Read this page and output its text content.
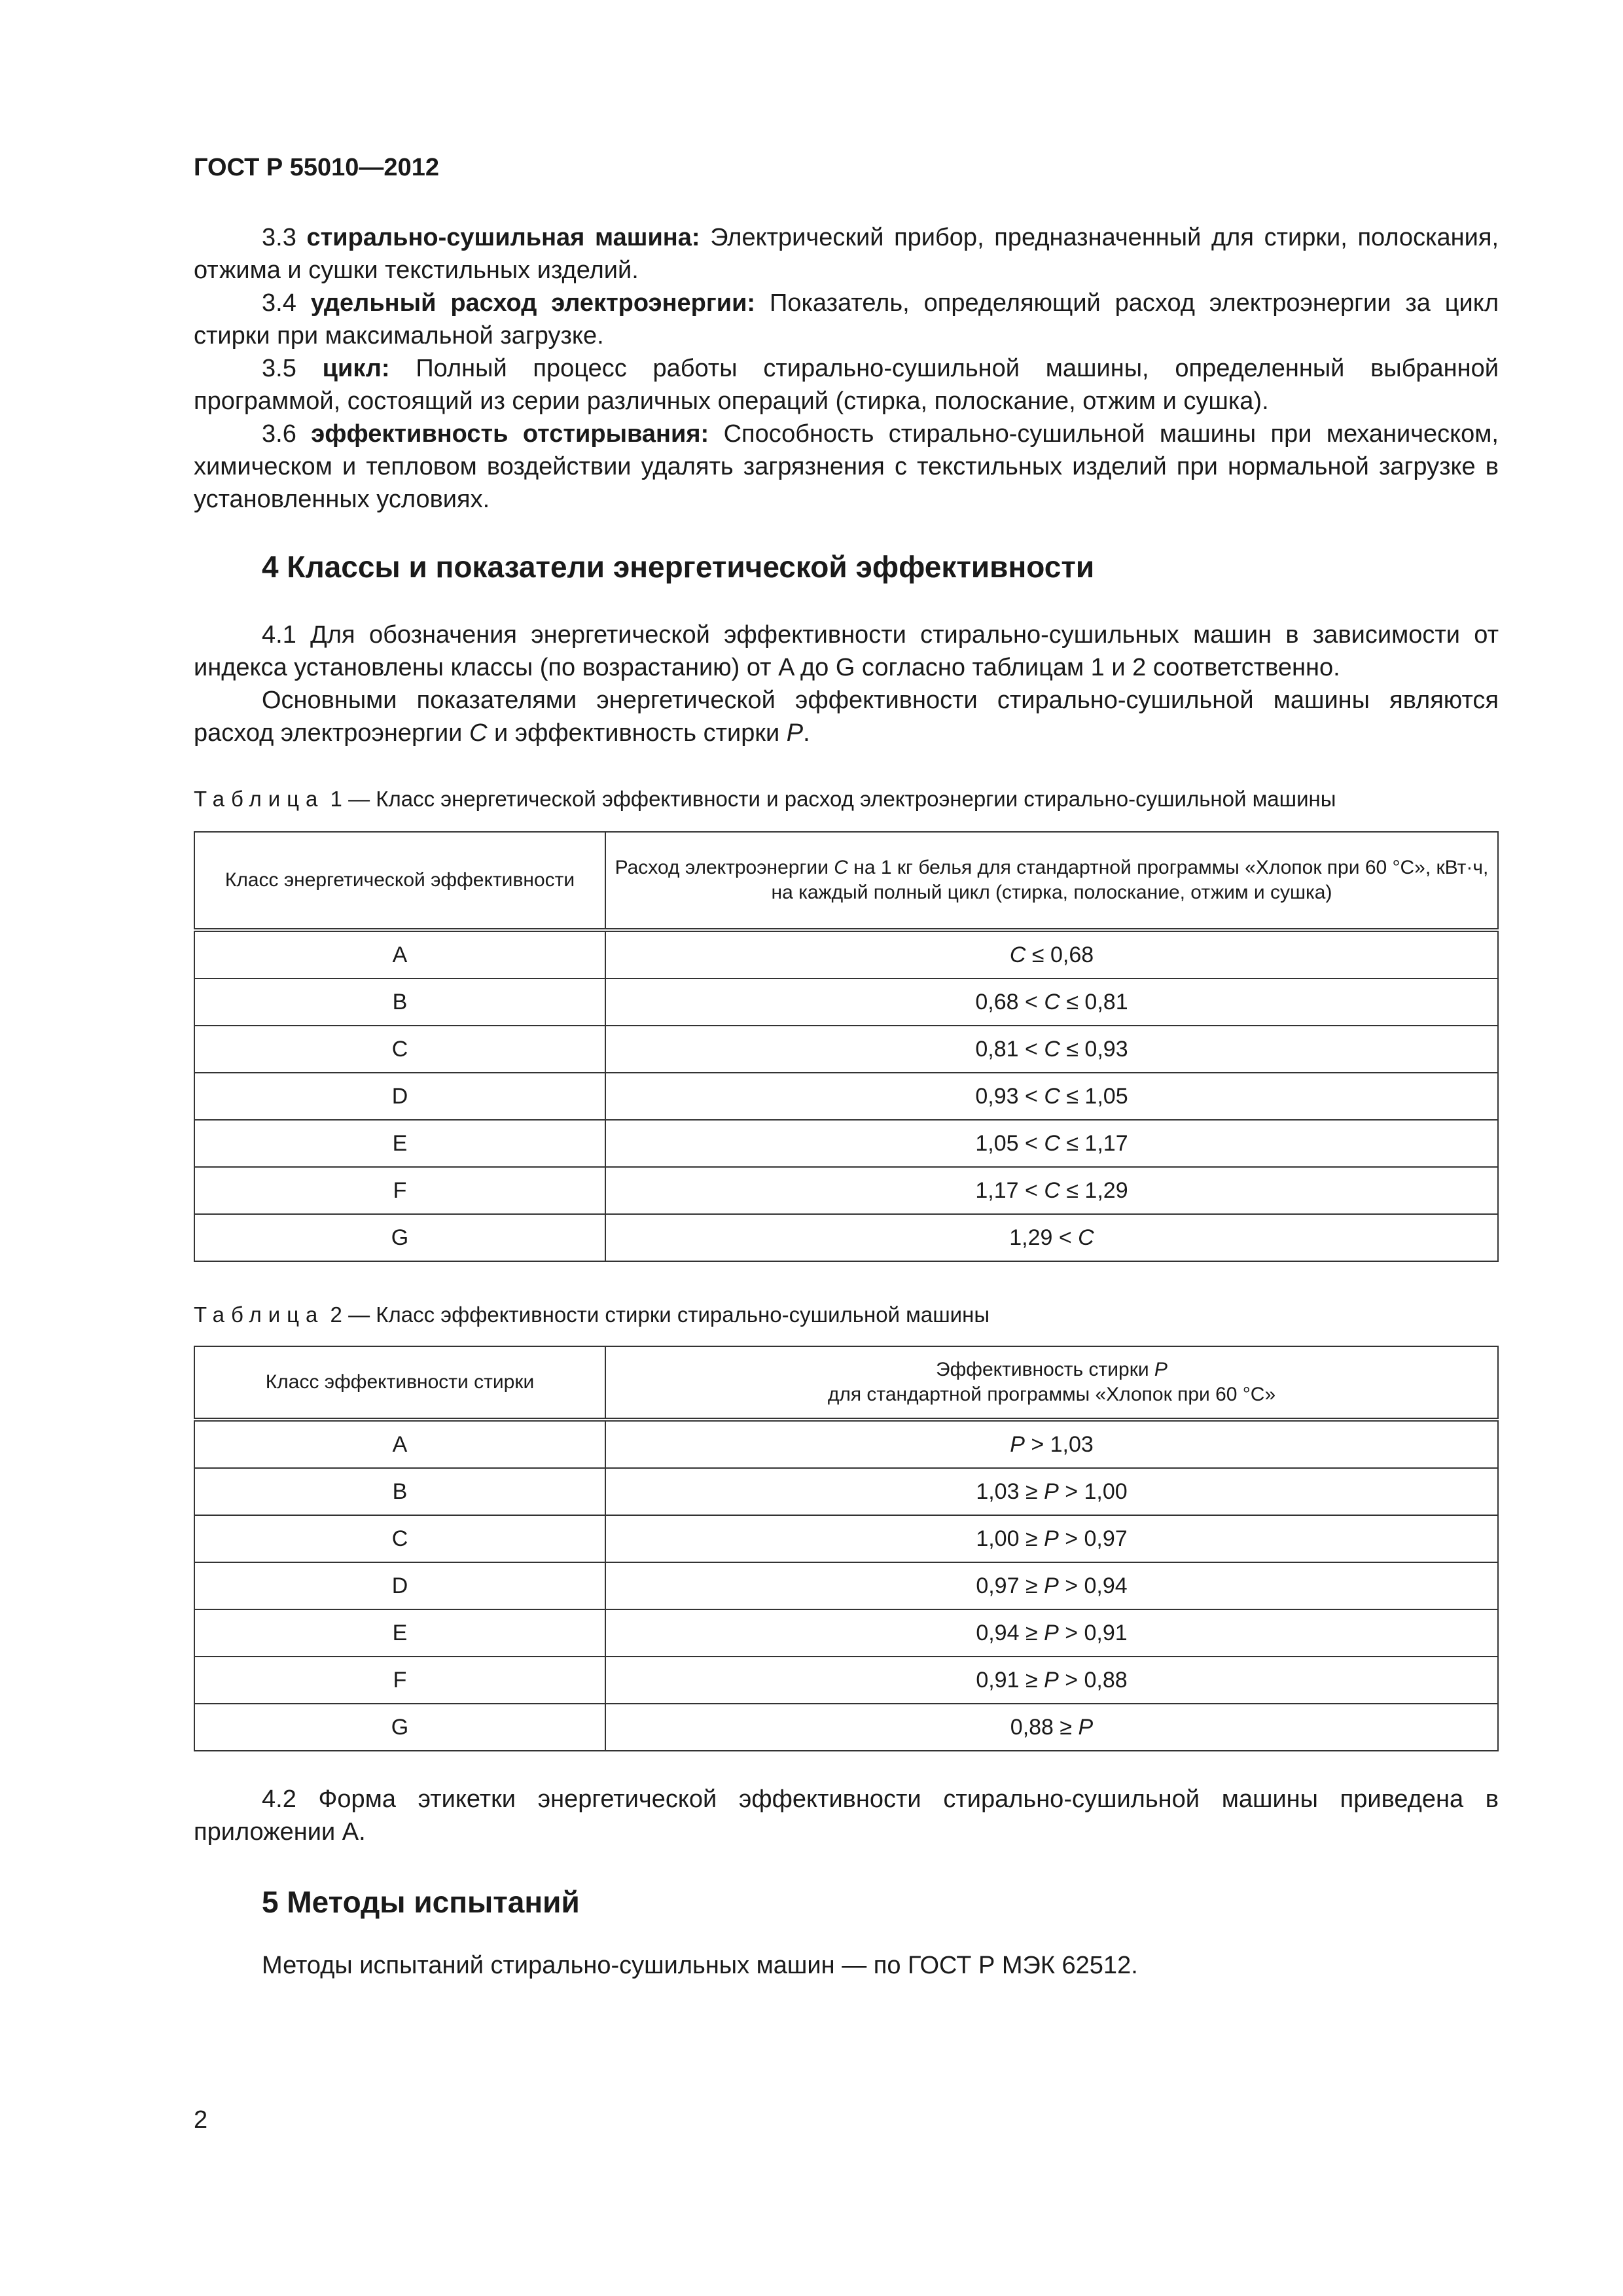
ГОСТ Р 55010—2012

3.3 стирально-сушильная машина: Электрический прибор, предназначенный для стирки, полоскания, отжима и сушки текстильных изделий.

3.4 удельный расход электроэнергии: Показатель, определяющий расход электроэнергии за цикл стирки при максимальной загрузке.

3.5 цикл: Полный процесс работы стирально-сушильной машины, определенный выбранной программой, состоящий из серии различных операций (стирка, полоскание, отжим и сушка).

3.6 эффективность отстирывания: Способность стирально-сушильной машины при механическом, химическом и тепловом воздействии удалять загрязнения с текстильных изделий при нормальной загрузке в установленных условиях.

4 Классы и показатели энергетической эффективности

4.1 Для обозначения энергетической эффективности стирально-сушильных машин в зависимости от индекса установлены классы (по возрастанию) от A до G согласно таблицам 1 и 2 соответственно.

Основными показателями энергетической эффективности стирально-сушильной машины являются расход электроэнергии C и эффективность стирки P.

Таблица 1 — Класс энергетической эффективности и расход электроэнергии стирально-сушильной машины
Класс энергетической эффективности	Расход электроэнергии C на 1 кг белья для стандартной программы «Хлопок при 60 °С», кВт·ч, на каждый полный цикл (стирка, полоскание, отжим и сушка)
A	C ≤ 0,68
B	0,68 < C ≤ 0,81
C	0,81 < C ≤ 0,93
D	0,93 < C ≤ 1,05
E	1,05 < C ≤ 1,17
F	1,17 < C ≤ 1,29
G	1,29 < C
Таблица 2 — Класс эффективности стирки стирально-сушильной машины
Класс эффективности стирки	Эффективность стирки P
для стандартной программы «Хлопок при 60 °С»
A	P > 1,03
B	1,03 ≥ P > 1,00
C	1,00 ≥ P > 0,97
D	0,97 ≥ P > 0,94
E	0,94 ≥ P > 0,91
F	0,91 ≥ P > 0,88
G	0,88 ≥ P

4.2 Форма этикетки энергетической эффективности стирально-сушильной машины приведена в приложении А.

5 Методы испытаний

Методы испытаний стирально-сушильных машин — по ГОСТ Р МЭК 62512.

2
